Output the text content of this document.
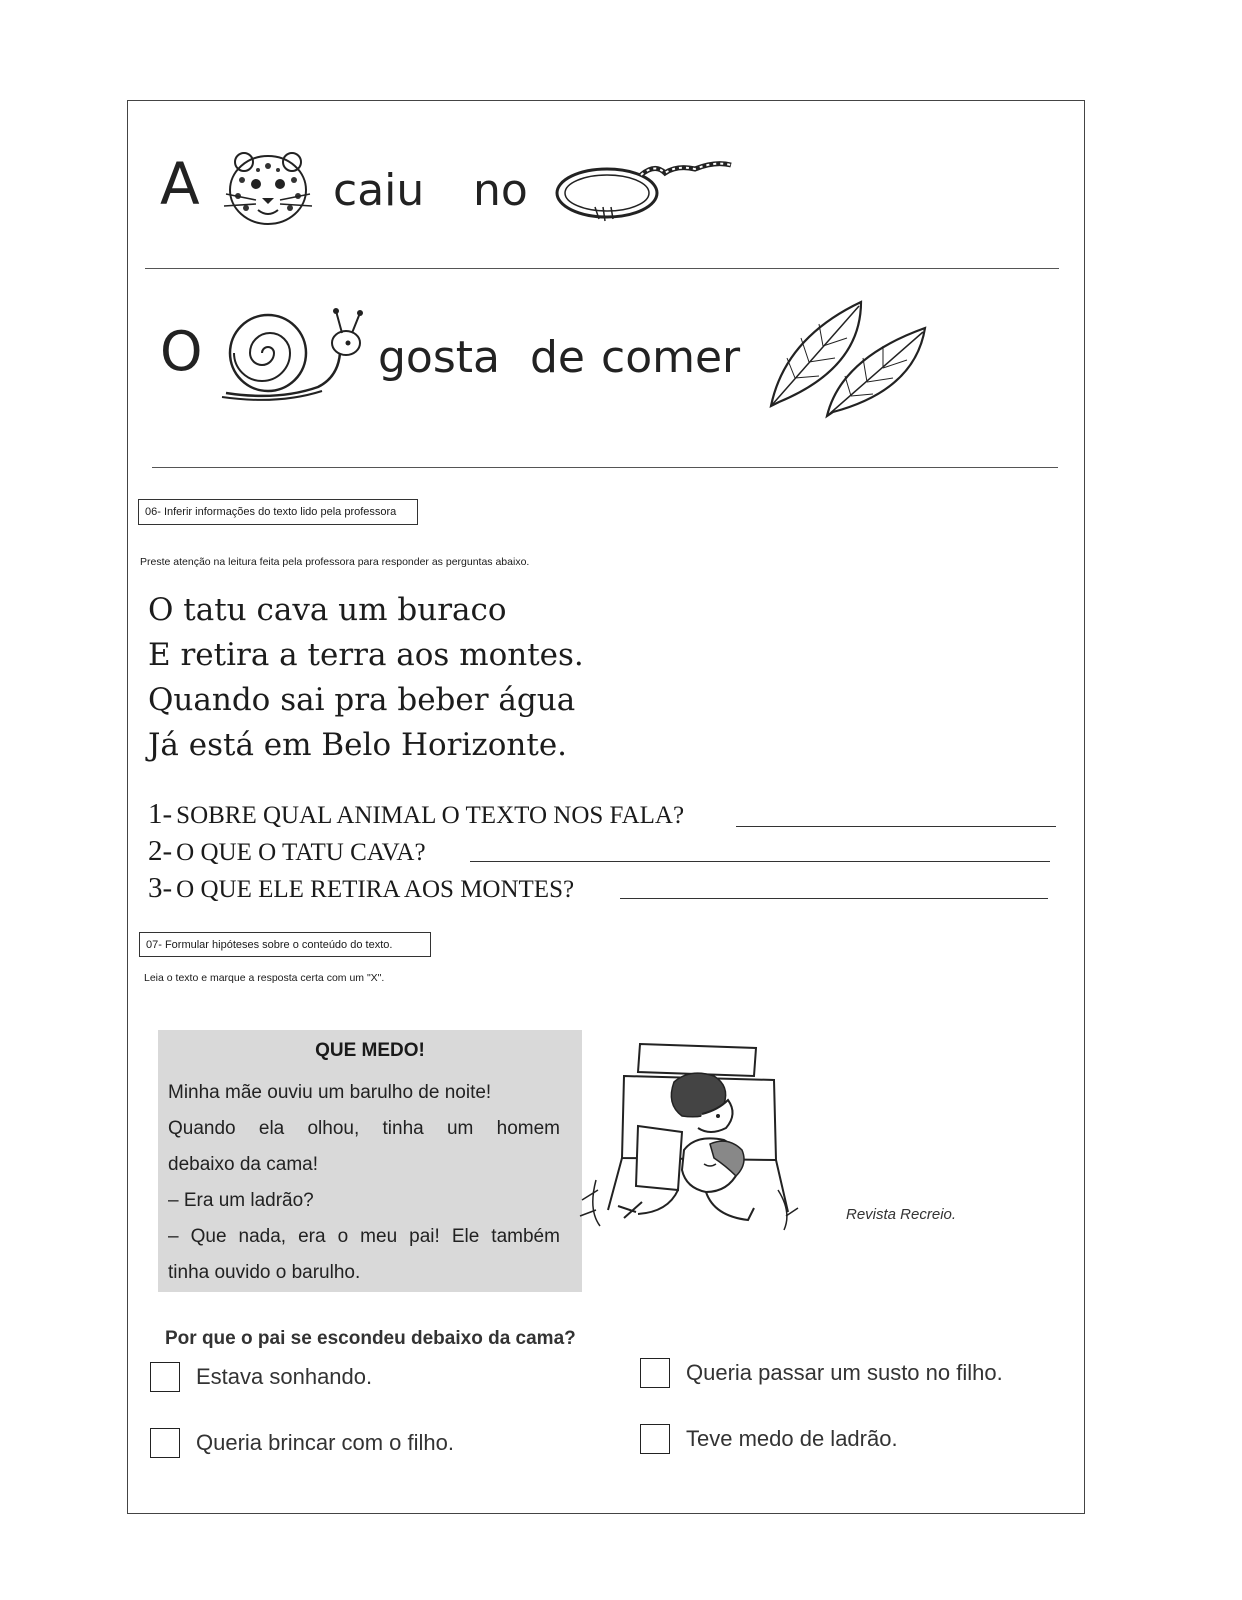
A	caiu no
O	gosta de comer
06- Inferir informações do texto lido pela professora
Preste atenção na leitura feita pela professora para responder as perguntas abaixo.
O tatu cava um buraco
E retira a terra aos montes.
Quando sai pra beber água
Já está em Belo Horizonte.
1- SOBRE QUAL ANIMAL O TEXTO NOS FALA?
2- O QUE O TATU CAVA?
3- O QUE ELE RETIRA AOS MONTES?
07- Formular hipóteses sobre o conteúdo do texto.
Leia o texto e marque a resposta certa com um "X".
QUE MEDO!
Minha mãe ouviu um barulho de noite!
Quando ela olhou, tinha um homem
debaixo da cama!
– Era um ladrão?
– Que nada, era o meu pai! Ele também
tinha ouvido o barulho.
Revista Recreio.
Por que o pai se escondeu debaixo da cama?
Estava sonhando.	Queria passar um susto no filho.
Queria brincar com o filho.	Teve medo de ladrão.
